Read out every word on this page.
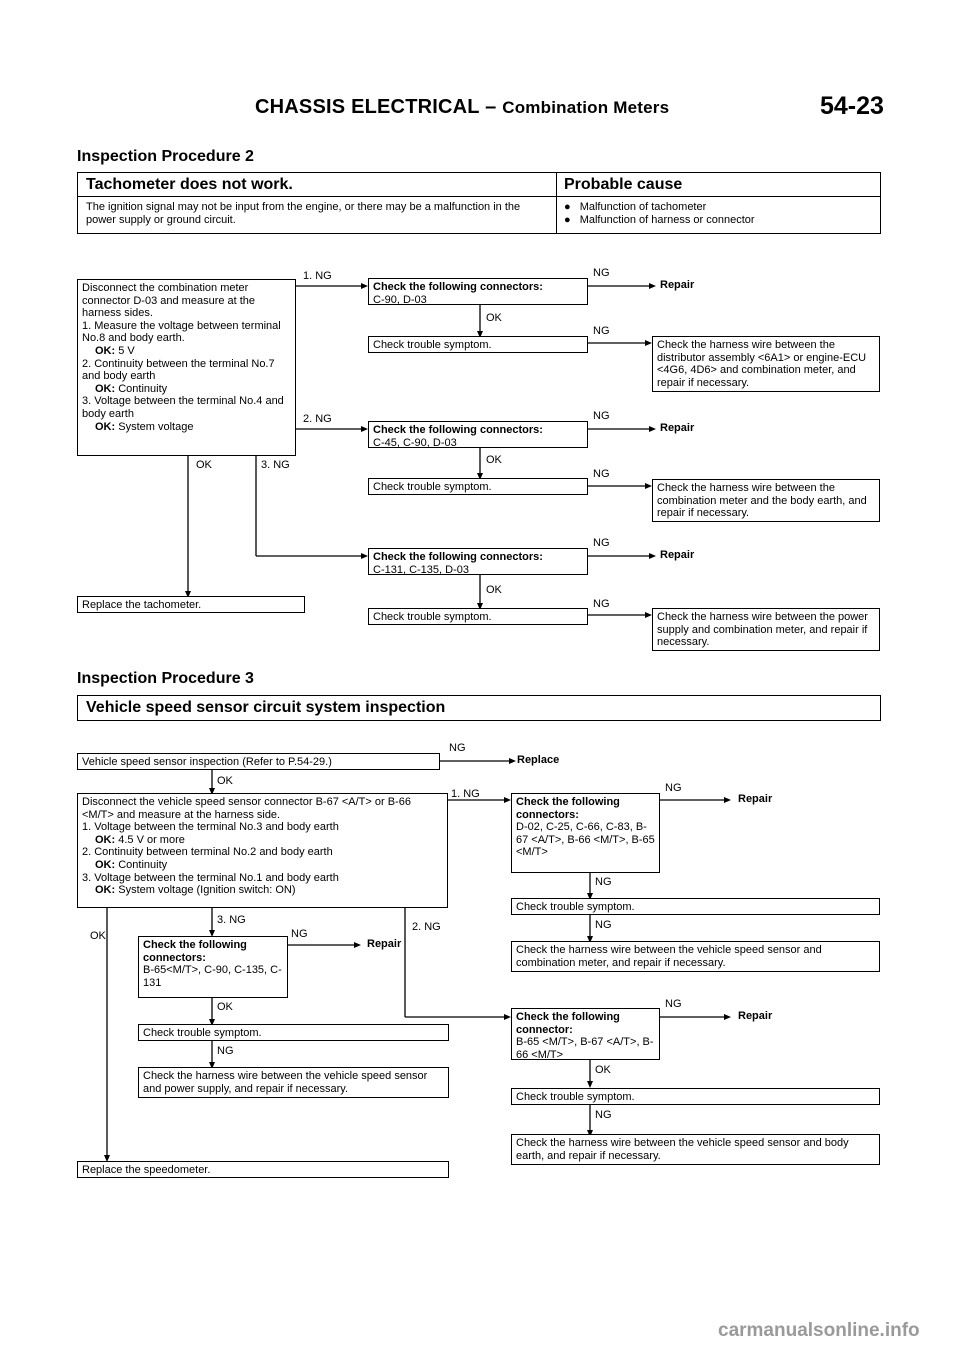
CHASSIS ELECTRICAL – Combination Meters	54-23
Inspection Procedure 2
Tachometer does not work.	Probable cause
The ignition signal may not be input from the engine, or there may be a malfunction in the power supply or ground circuit.
● Malfunction of tachometer
● Malfunction of harness or connector
Disconnect the combination meter connector D-03 and measure at the harness sides.
1. Measure the voltage between terminal No.8 and body earth.
OK: 5 V
2. Continuity between the terminal No.7 and body earth
OK: Continuity
3. Voltage between the terminal No.4 and body earth
OK: System voltage
1. NG
2. NG
3. NG
OK
Check the following connectors:
C-90, D-03
OK
Check trouble symptom.
NG
NG
Repair
Check the harness wire between the distributor assembly <6A1> or engine-ECU <4G6, 4D6> and combination meter, and repair if necessary.
Check the following connectors:
C-45, C-90, D-03
OK
Check trouble symptom.
NG
NG
Repair
Check the harness wire between the combination meter and the body earth, and repair if necessary.
Check the following connectors:
C-131, C-135, D-03
OK
Check trouble symptom.
NG
NG
Repair
Check the harness wire between the power supply and combination meter, and repair if necessary.
Replace the tachometer.
Inspection Procedure 3
Vehicle speed sensor circuit system inspection
Vehicle speed sensor inspection (Refer to P.54-29.)
NG
Replace
OK
Disconnect the vehicle speed sensor connector B-67 <A/T> or B-66 <M/T> and measure at the harness side.
1. Voltage between the terminal No.3 and body earth
OK: 4.5 V or more
2. Continuity between terminal No.2 and body earth
OK: Continuity
3. Voltage between the terminal No.1 and body earth
OK: System voltage (Ignition switch: ON)
1. NG
2. NG
3. NG
OK
Check the following connectors:
D-02, C-25, C-66, C-83, B-67 <A/T>, B-66 <M/T>, B-65 <M/T>
NG
Repair
NG
Check trouble symptom.
NG
Check the harness wire between the vehicle speed sensor and combination meter, and repair if necessary.
Check the following connectors:
B-65<M/T>, C-90, C-135, C-131
NG
Repair
OK
Check trouble symptom.
NG
Check the harness wire between the vehicle speed sensor and power supply, and repair if necessary.
Check the following connector:
B-65 <M/T>, B-67 <A/T>, B-66 <M/T>
NG
Repair
OK
Check trouble symptom.
NG
Check the harness wire between the vehicle speed sensor and body earth, and repair if necessary.
Replace the speedometer.
carmanualsonline.info
